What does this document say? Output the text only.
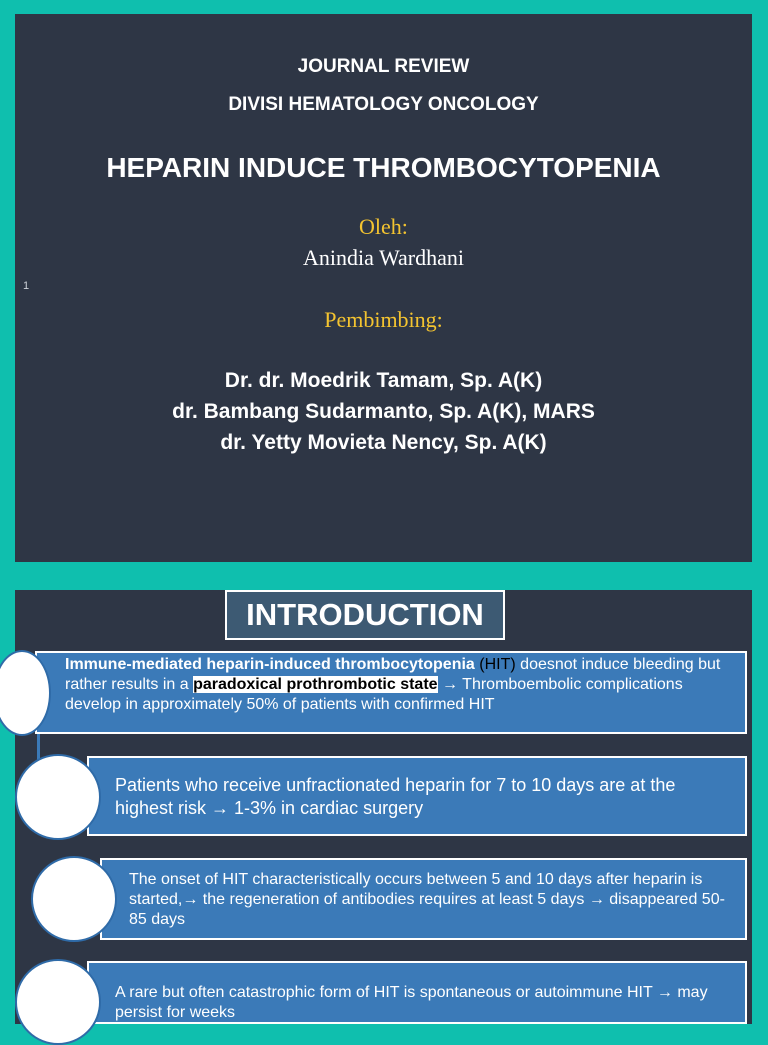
JOURNAL REVIEW
DIVISI HEMATOLOGY ONCOLOGY
HEPARIN INDUCE THROMBOCYTOPENIA
Oleh:
Anindia Wardhani
1
Pembimbing:
Dr. dr. Moedrik Tamam, Sp. A(K)
dr. Bambang Sudarmanto, Sp. A(K), MARS
dr. Yetty Movieta Nency, Sp. A(K)
INTRODUCTION
Immune-mediated heparin-induced thrombocytopenia (HIT) doesnot induce bleeding but rather results in a paradoxical prothrombotic state → Thromboembolic complications develop in approximately 50% of patients with confirmed HIT
Patients who receive unfractionated heparin for 7 to 10 days are at the highest risk → 1-3% in cardiac surgery
The onset of HIT characteristically occurs between 5 and 10 days after heparin is started,→ the regeneration of antibodies requires at least 5 days → disappeared 50-85 days
A rare but often catastrophic form of HIT is spontaneous or autoimmune HIT → may persist for weeks
